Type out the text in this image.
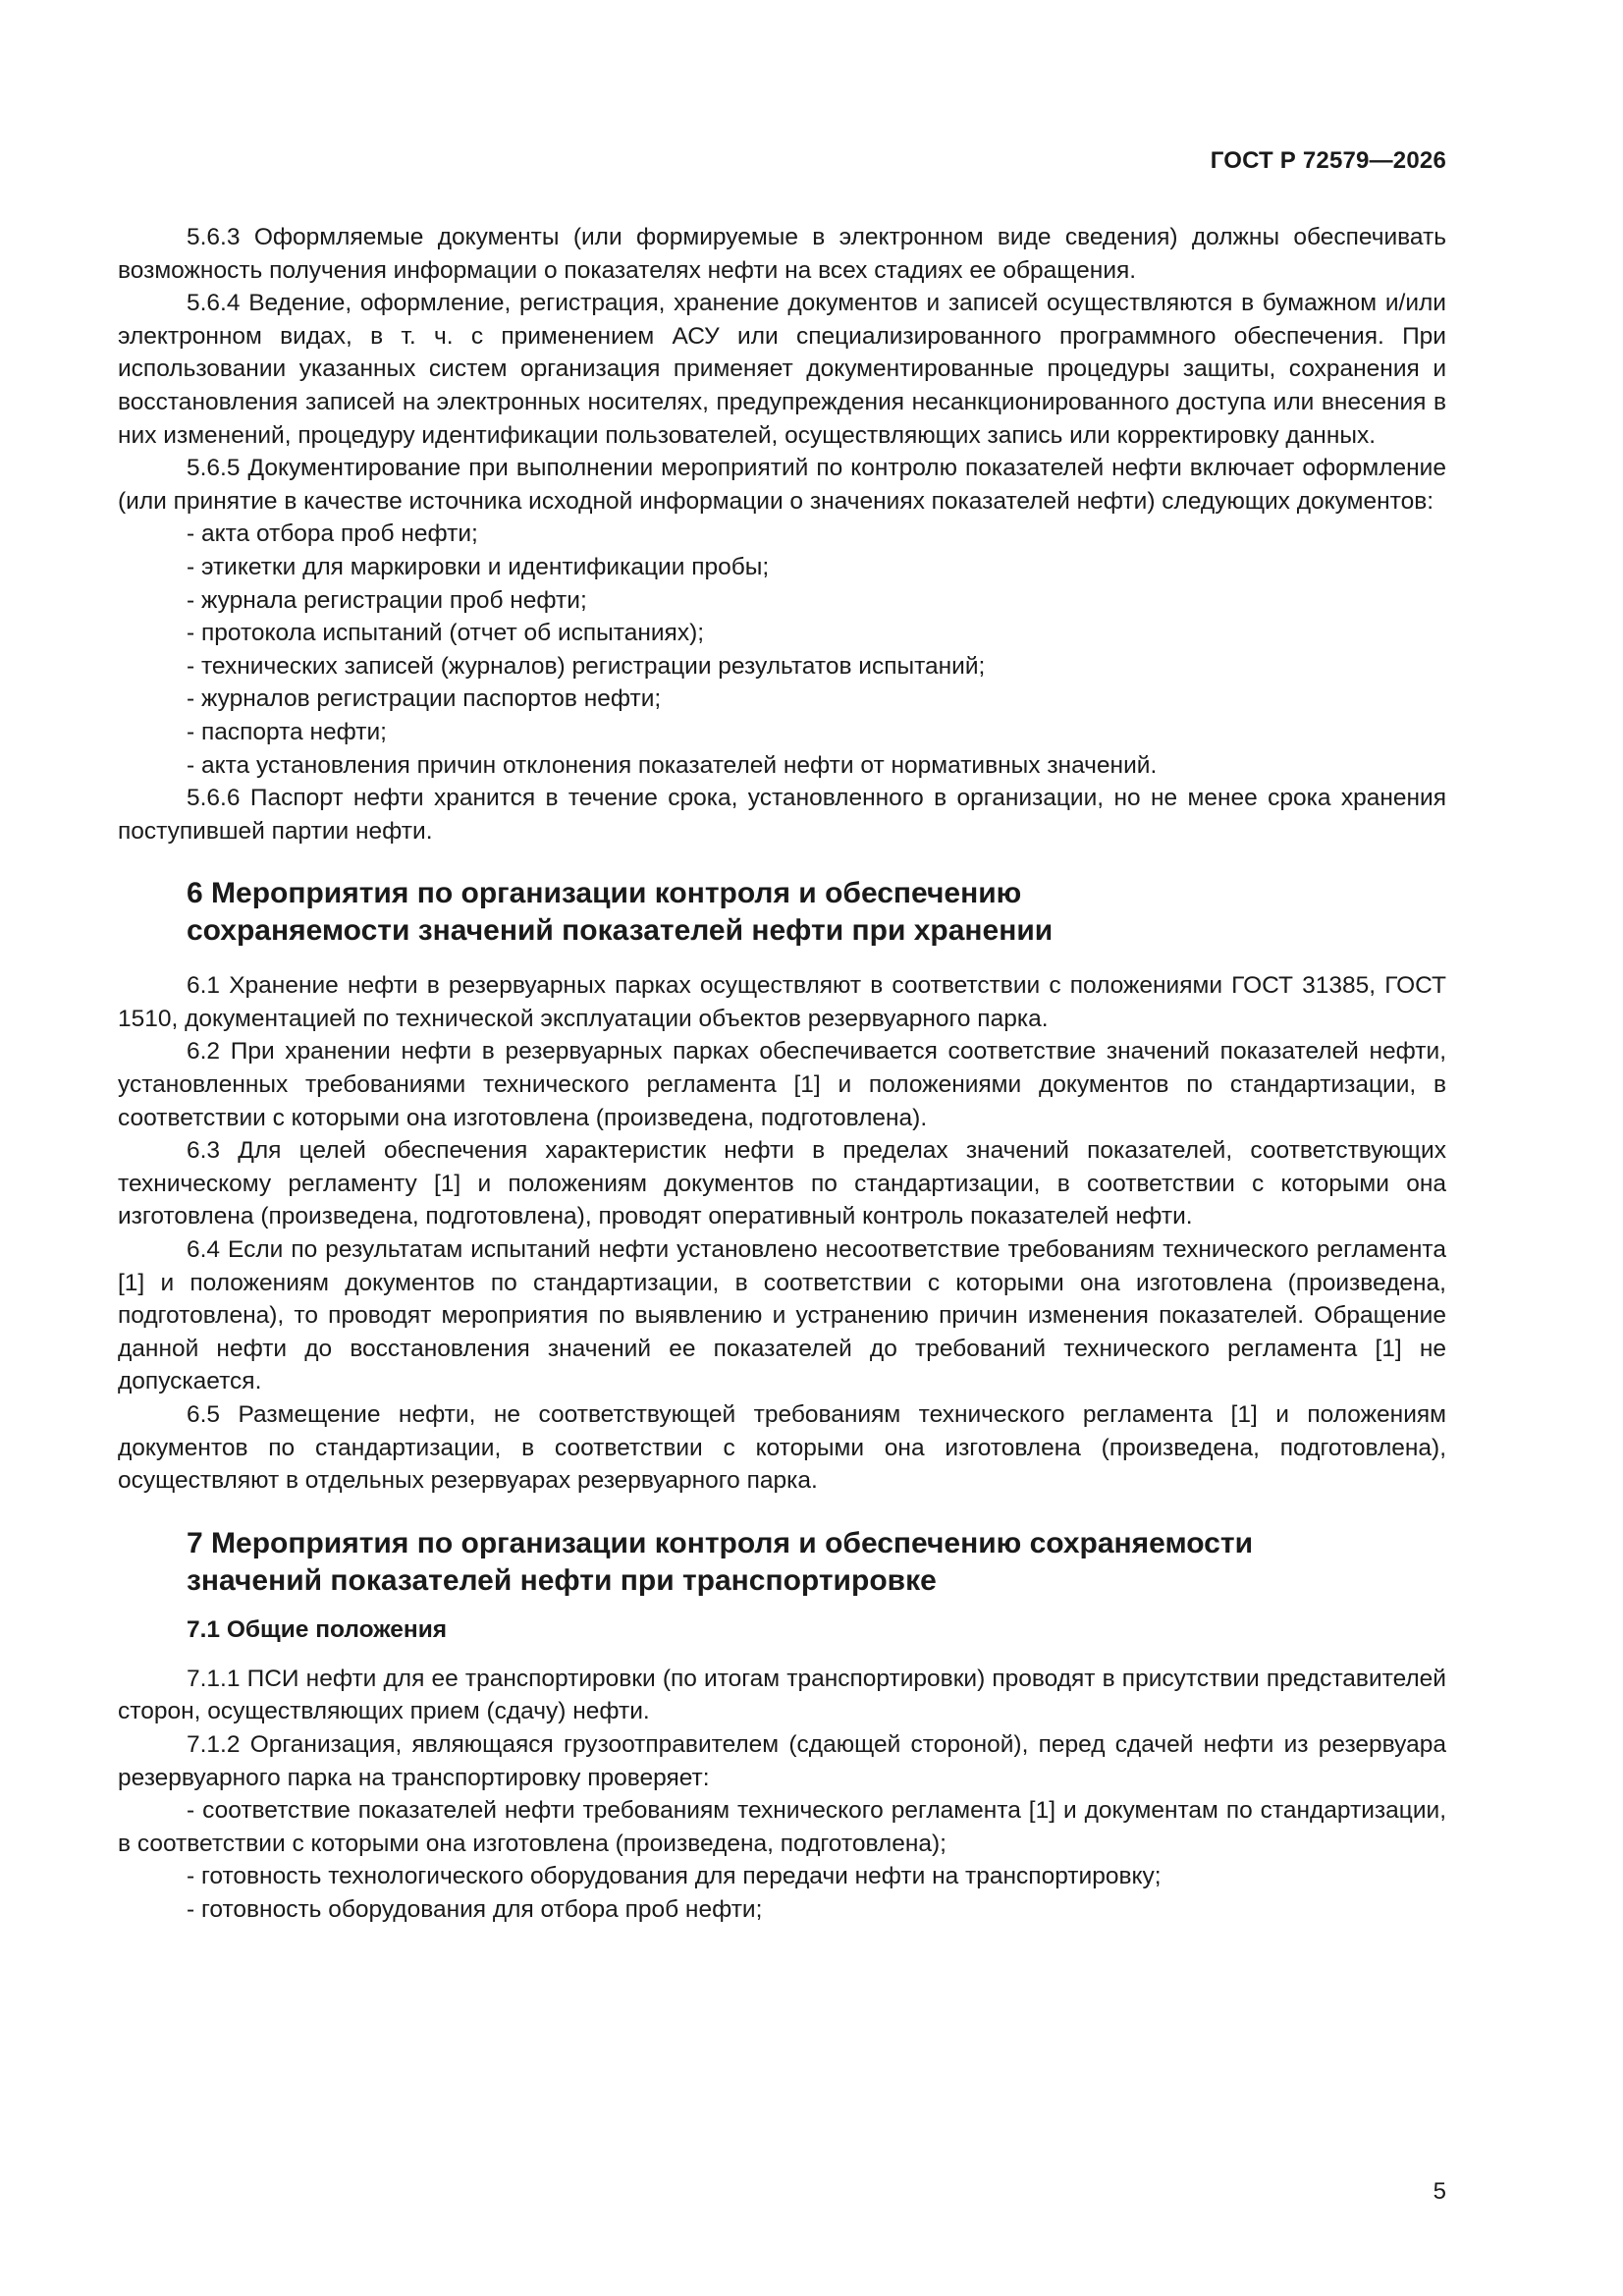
ГОСТ Р 72579—2026

5.6.3 Оформляемые документы (или формируемые в электронном виде сведения) должны обеспечивать возможность получения информации о показателях нефти на всех стадиях ее обращения.

5.6.4 Ведение, оформление, регистрация, хранение документов и записей осуществляются в бумажном и/или электронном видах, в т. ч. с применением АСУ или специализированного программного обеспечения. При использовании указанных систем организация применяет документированные процедуры защиты, сохранения и восстановления записей на электронных носителях, предупреждения несанкционированного доступа или внесения в них изменений, процедуру идентификации пользователей, осуществляющих запись или корректировку данных.

5.6.5 Документирование при выполнении мероприятий по контролю показателей нефти включает оформление (или принятие в качестве источника исходной информации о значениях показателей нефти) следующих документов:

- акта отбора проб нефти;

- этикетки для маркировки и идентификации пробы;

- журнала регистрации проб нефти;

- протокола испытаний (отчет об испытаниях);

- технических записей (журналов) регистрации результатов испытаний;

- журналов регистрации паспортов нефти;

- паспорта нефти;

- акта установления причин отклонения показателей нефти от нормативных значений.

5.6.6 Паспорт нефти хранится в течение срока, установленного в организации, но не менее срока хранения поступившей партии нефти.

6 Мероприятия по организации контроля и обеспечению
сохраняемости значений показателей нефти при хранении

6.1 Хранение нефти в резервуарных парках осуществляют в соответствии с положениями ГОСТ 31385, ГОСТ 1510, документацией по технической эксплуатации объектов резервуарного парка.

6.2 При хранении нефти в резервуарных парках обеспечивается соответствие значений показателей нефти, установленных требованиями технического регламента [1] и положениями документов по стандартизации, в соответствии с которыми она изготовлена (произведена, подготовлена).

6.3 Для целей обеспечения характеристик нефти в пределах значений показателей, соответствующих техническому регламенту [1] и положениям документов по стандартизации, в соответствии с которыми она изготовлена (произведена, подготовлена), проводят оперативный контроль показателей нефти.

6.4 Если по результатам испытаний нефти установлено несоответствие требованиям технического регламента [1] и положениям документов по стандартизации, в соответствии с которыми она изготовлена (произведена, подготовлена), то проводят мероприятия по выявлению и устранению причин изменения показателей. Обращение данной нефти до восстановления значений ее показателей до требований технического регламента [1] не допускается.

6.5 Размещение нефти, не соответствующей требованиям технического регламента [1] и положениям документов по стандартизации, в соответствии с которыми она изготовлена (произведена, подготовлена), осуществляют в отдельных резервуарах резервуарного парка.

7 Мероприятия по организации контроля и обеспечению сохраняемости
значений показателей нефти при транспортировке
7.1 Общие положения

7.1.1 ПСИ нефти для ее транспортировки (по итогам транспортировки) проводят в присутствии представителей сторон, осуществляющих прием (сдачу) нефти.

7.1.2 Организация, являющаяся грузоотправителем (сдающей стороной), перед сдачей нефти из резервуара резервуарного парка на транспортировку проверяет:

- соответствие показателей нефти требованиям технического регламента [1] и документам по стандартизации, в соответствии с которыми она изготовлена (произведена, подготовлена);

- готовность технологического оборудования для передачи нефти на транспортировку;

- готовность оборудования для отбора проб нефти;

5
